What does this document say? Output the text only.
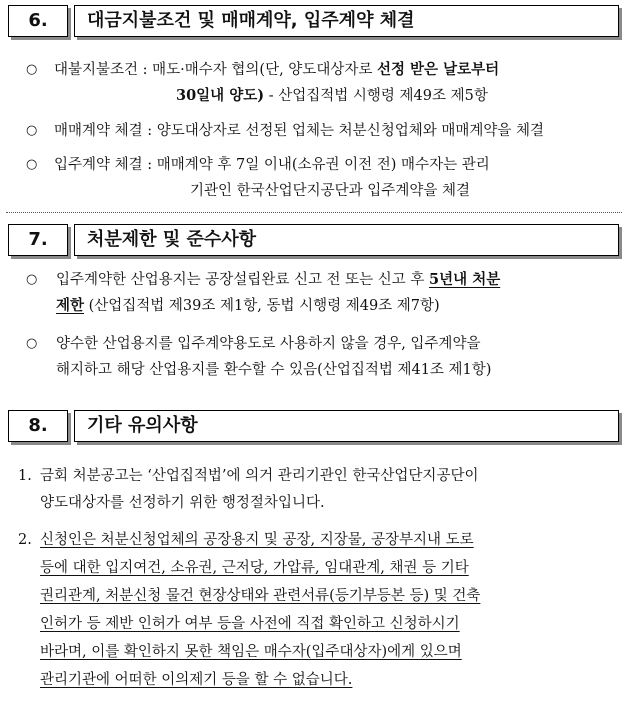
6.	대금지불조건 및 매매계약, 입주계약 체결
○ 대불지불조건 : 매도·매수자 협의(단, 양도대상자로 선정 받은 날로부터
30일내 양도) - 산업집적법 시행령 제49조 제5항
○ 매매계약 체결 : 양도대상자로 선정된 업체는 처분신청업체와 매매계약을 체결
○ 입주계약 체결 : 매매계약 후 7일 이내(소유권 이전 전) 매수자는 관리
기관인 한국산업단지공단과 입주계약을 체결
7.	처분제한 및 준수사항
○ 입주계약한 산업용지는 공장설립완료 신고 전 또는 신고 후 5년내 처분
제한 (산업집적법 제39조 제1항, 동법 시행령 제49조 제7항)
○ 양수한 산업용지를 입주계약용도로 사용하지 않을 경우, 입주계약을
해지하고 해당 산업용지를 환수할 수 있음(산업집적법 제41조 제1항)
8.	기타 유의사항
1. 금회 처분공고는 ‘산업집적법’에 의거 관리기관인 한국산업단지공단이
양도대상자를 선정하기 위한 행정절차입니다.
2. 신청인은 처분신청업체의 공장용지 및 공장, 지장물, 공장부지내 도로
등에 대한 입지여건, 소유권, 근저당, 가압류, 임대관계, 채권 등 기타
권리관계, 처분신청 물건 현장상태와 관련서류(등기부등본 등) 및 건축
인허가 등 제반 인허가 여부 등을 사전에 직접 확인하고 신청하시기
바라며, 이를 확인하지 못한 책임은 매수자(입주대상자)에게 있으며
관리기관에 어떠한 이의제기 등을 할 수 없습니다.
